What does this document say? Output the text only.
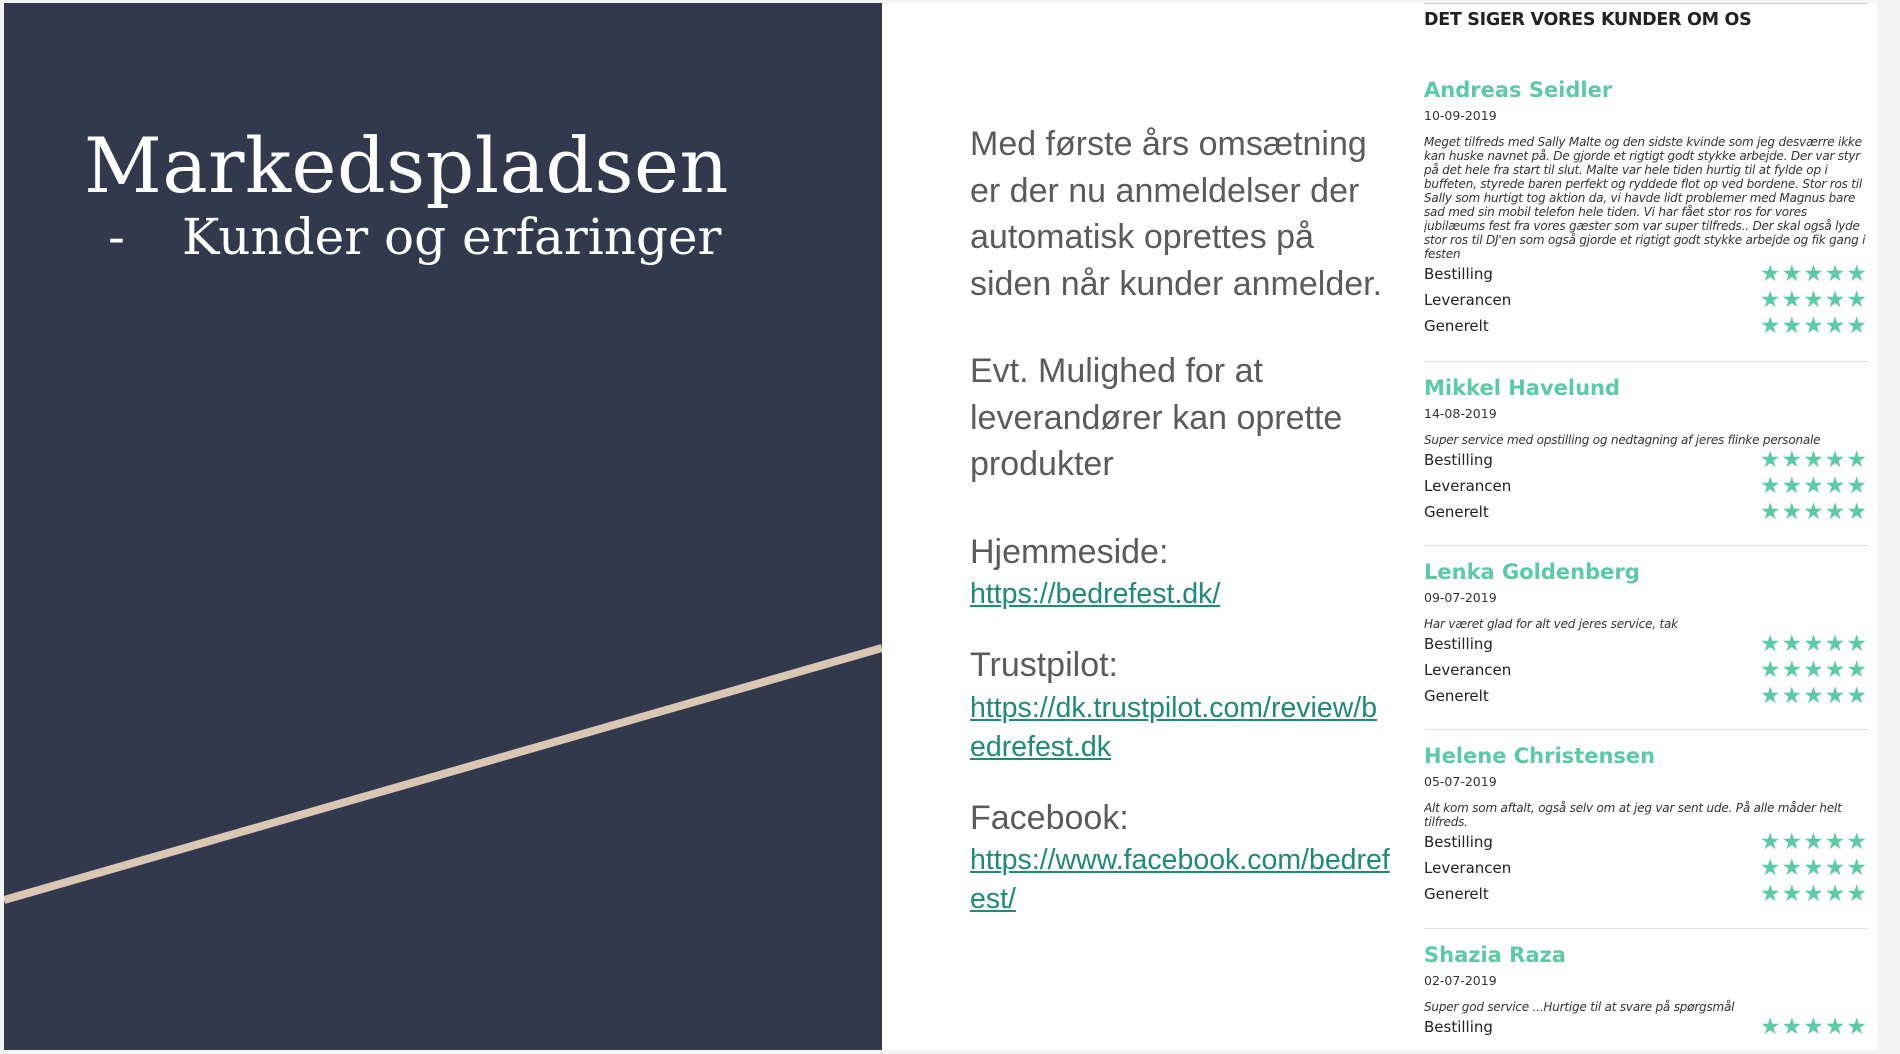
Markedspladsen
- Kunder og erfaringer

Med første års omsætning er der nu anmeldelser der automatisk oprettes på siden når kunder anmelder.

Evt. Mulighed for at leverandører kan oprette produkter

Hjemmeside:
https://bedrefest.dk/
Trustpilot:
https://dk.trustpilot.com/review/bedrefest.dk
Facebook:
https://www.facebook.com/bedrefest/
DET SIGER VORES KUNDER OM OS
Andreas Seidler
10-09-2019
Meget tilfreds med Sally Malte og den sidste kvinde som jeg desværre ikke kan huske navnet på. De gjorde et rigtigt godt stykke arbejde. Der var styr på det hele fra start til slut. Malte var hele tiden hurtig til at fylde op i buffeten, styrede baren perfekt og ryddede flot op ved bordene. Stor ros til Sally som hurtigt tog aktion da, vi havde lidt problemer med Magnus bare sad med sin mobil telefon hele tiden. Vi har fået stor ros for vores jubilæums fest fra vores gæster som var super tilfreds.. Der skal også lyde stor ros til DJ'en som også gjorde et rigtigt godt stykke arbejde og fik gang i festen
Bestilling	★★★★★
Leverancen	★★★★★
Generelt	★★★★★
Mikkel Havelund
14-08-2019
Super service med opstilling og nedtagning af jeres flinke personale
Bestilling	★★★★★
Leverancen	★★★★★
Generelt	★★★★★
Lenka Goldenberg
09-07-2019
Har været glad for alt ved jeres service, tak
Bestilling	★★★★★
Leverancen	★★★★★
Generelt	★★★★★
Helene Christensen
05-07-2019
Alt kom som aftalt, også selv om at jeg var sent ude. På alle måder helt tilfreds.
Bestilling	★★★★★
Leverancen	★★★★★
Generelt	★★★★★
Shazia Raza
02-07-2019
Super god service ...Hurtige til at svare på spørgsmål
Bestilling	★★★★★
